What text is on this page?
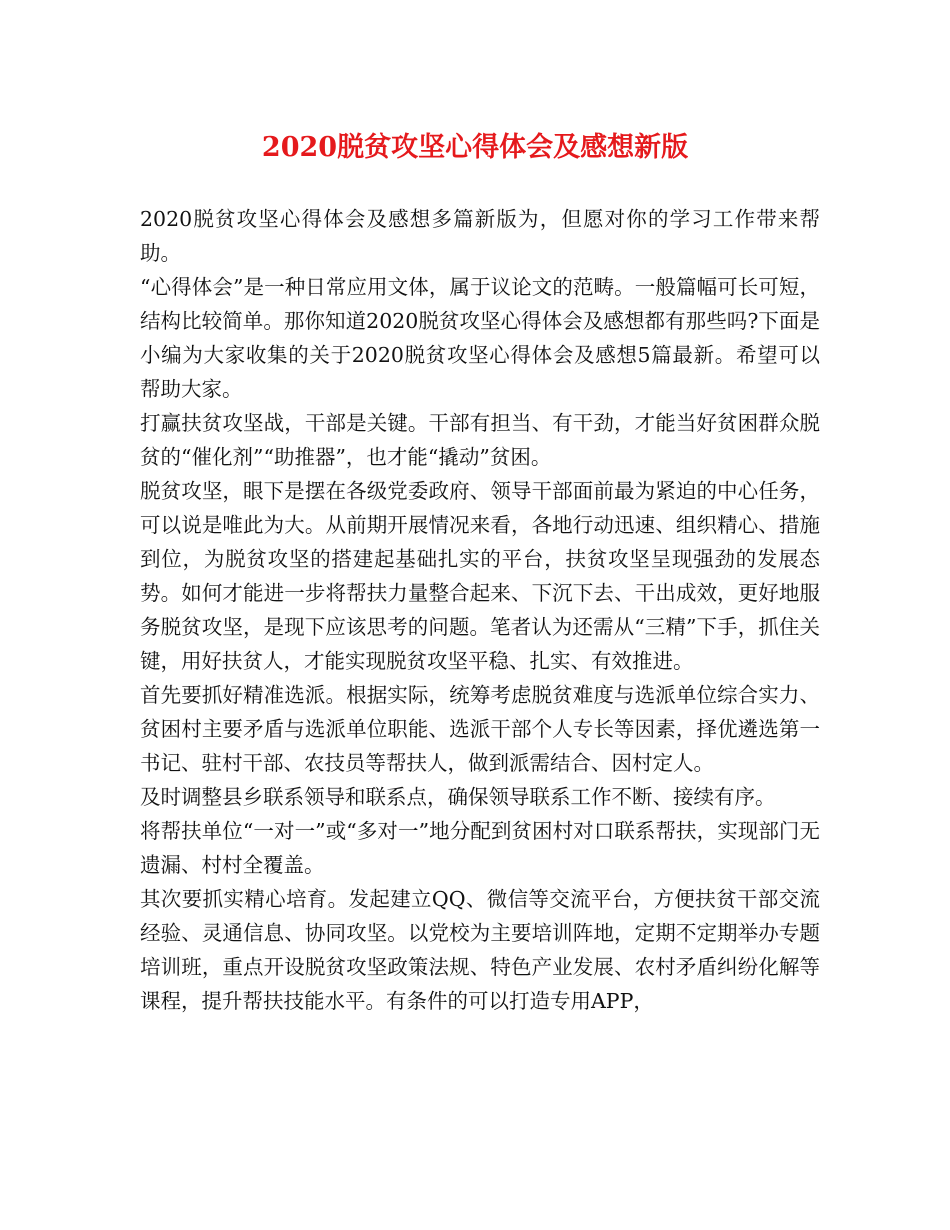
2020脱贫攻坚心得体会及感想新版

2020脱贫攻坚心得体会及感想多篇新版为，但愿对你的学习工作带来帮助。

“心得体会”是一种日常应用文体，属于议论文的范畴。一般篇幅可长可短，结构比较简单。那你知道2020脱贫攻坚心得体会及感想都有那些吗?下面是小编为大家收集的关于2020脱贫攻坚心得体会及感想5篇最新。希望可以帮助大家。

打赢扶贫攻坚战，干部是关键。干部有担当、有干劲，才能当好贫困群众脱贫的“催化剂”“助推器”，也才能“撬动”贫困。

脱贫攻坚，眼下是摆在各级党委政府、领导干部面前最为紧迫的中心任务，可以说是唯此为大。从前期开展情况来看，各地行动迅速、组织精心、措施到位，为脱贫攻坚的搭建起基础扎实的平台，扶贫攻坚呈现强劲的发展态势。如何才能进一步将帮扶力量整合起来、下沉下去、干出成效，更好地服务脱贫攻坚，是现下应该思考的问题。笔者认为还需从“三精”下手，抓住关键，用好扶贫人，才能实现脱贫攻坚平稳、扎实、有效推进。

首先要抓好精准选派。根据实际，统筹考虑脱贫难度与选派单位综合实力、贫困村主要矛盾与选派单位职能、选派干部个人专长等因素，择优遴选第一书记、驻村干部、农技员等帮扶人，做到派需结合、因村定人。

及时调整县乡联系领导和联系点，确保领导联系工作不断、接续有序。

将帮扶单位“一对一”或“多对一”地分配到贫困村对口联系帮扶，实现部门无遗漏、村村全覆盖。

其次要抓实精心培育。发起建立QQ、微信等交流平台，方便扶贫干部交流经验、灵通信息、协同攻坚。以党校为主要培训阵地，定期不定期举办专题培训班，重点开设脱贫攻坚政策法规、特色产业发展、农村矛盾纠纷化解等课程，提升帮扶技能水平。有条件的可以打造专用APP，
